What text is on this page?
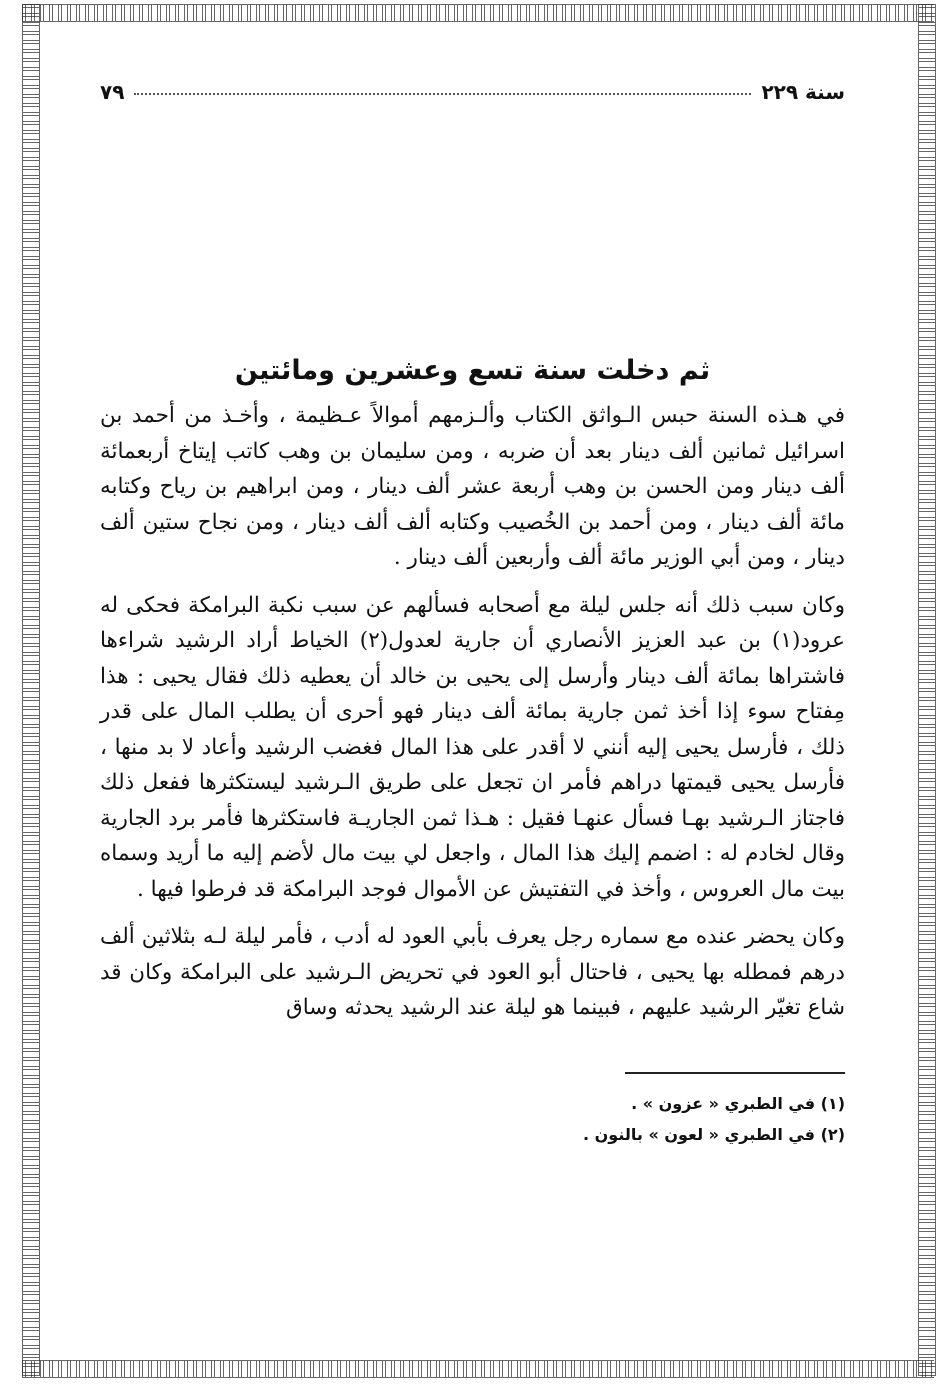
سنة ٢٢٩
٧٩
ثم دخلت سنة تسع وعشرين ومائتين

في هـذه السنة حبس الـواثق الكتاب وألـزمهم أموالاً عـظيمة ، وأخـذ من أحمد بن اسرائيل ثمانين ألف دينار بعد أن ضربه ، ومن سليمان بن وهب كاتب إيتاخ أربعمائة ألف دينار ومن الحسن بن وهب أربعة عشر ألف دينار ، ومن ابراهيم بن رياح وكتابه مائة ألف دينار ، ومن أحمد بن الخُصيب وكتابه ألف ألف دينار ، ومن نجاح ستين ألف دينار ، ومن أبي الوزير مائة ألف وأربعين ألف دينار .

وكان سبب ذلك أنه جلس ليلة مع أصحابه فسألهم عن سبب نكبة البرامكة فحكى له عرود(١) بن عبد العزيز الأنصاري أن جارية لعدول(٢) الخياط أراد الرشيد شراءها فاشتراها بمائة ألف دينار وأرسل إلى يحيى بن خالد أن يعطيه ذلك فقال يحيى : هذا مِفتاح سوء إذا أخذ ثمن جارية بمائة ألف دينار فهو أحرى أن يطلب المال على قدر ذلك ، فأرسل يحيى إليه أنني لا أقدر على هذا المال فغضب الرشيد وأعاد لا بد منها ، فأرسل يحيى قيمتها دراهم فأمر ان تجعل على طريق الـرشيد ليستكثرها ففعل ذلك فاجتاز الـرشيد بهـا فسأل عنهـا فقيل : هـذا ثمن الجاريـة فاستكثرها فأمر برد الجارية وقال لخادم له : اضمم إليك هذا المال ، واجعل لي بيت مال لأضم إليه ما أريد وسماه بيت مال العروس ، وأخذ في التفتيش عن الأموال فوجد البرامكة قد فرطوا فيها .

وكان يحضر عنده مع سماره رجل يعرف بأبي العود له أدب ، فأمر ليلة لـه بثلاثين ألف درهم فمطله بها يحيى ، فاحتال أبو العود في تحريض الـرشيد على البرامكة وكان قد شاع تغيّر الرشيد عليهم ، فبينما هو ليلة عند الرشيد يحدثه وساق

(١) في الطبري « عزون » .
(٢) في الطبري « لعون » بالنون .
